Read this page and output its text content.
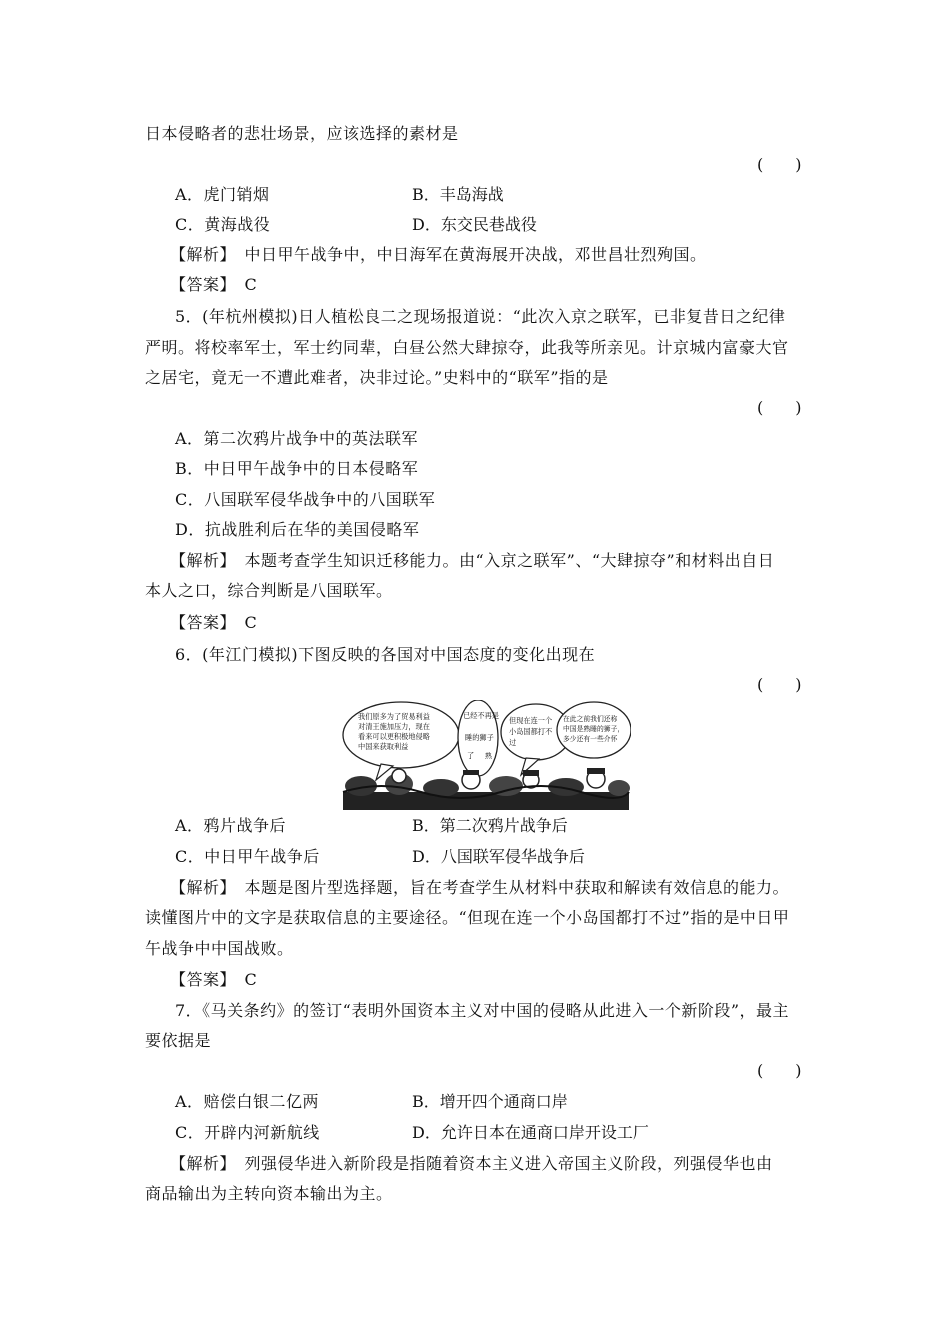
日本侵略者的悲壮场景，应该选择的素材是
(　　)
A．虎门销烟	B．丰岛海战
C．黄海战役	D．东交民巷战役
【解析】　中日甲午战争中，中日海军在黄海展开决战，邓世昌壮烈殉国。
【答案】　C
5．(年杭州模拟)日人植松良二之现场报道说：“此次入京之联军，已非复昔日之纪律
严明。将校率军士，军士约同辈，白昼公然大肆掠夺，此我等所亲见。计京城内富豪大官
之居宅，竟无一不遭此难者，决非过论。”史料中的“联军”指的是
(　　)
A．第二次鸦片战争中的英法联军
B．中日甲午战争中的日本侵略军
C．八国联军侵华战争中的八国联军
D．抗战胜利后在华的美国侵略军
【解析】　本题考查学生知识迁移能力。由“入京之联军”、“大肆掠夺”和材料出自日
本人之口，综合判断是八国联军。
【答案】　C
6．(年江门模拟)下图反映的各国对中国态度的变化出现在
(　　)
我们原多为了贸易利益 对清王施加压力，现在 看来可以更积极地侵略 中国来获取利益
已经不再是 睡的狮子 了	熟
但现在连一个 小岛国都打不 过
在此之前我们还称 中国是熟睡的狮子， 多少还有一些介怀
A．鸦片战争后	B．第二次鸦片战争后
C．中日甲午战争后	D．八国联军侵华战争后
【解析】　本题是图片型选择题，旨在考查学生从材料中获取和解读有效信息的能力。
读懂图片中的文字是获取信息的主要途径。“但现在连一个小岛国都打不过”指的是中日甲
午战争中中国战败。
【答案】　C
7．《马关条约》的签订“表明外国资本主义对中国的侵略从此进入一个新阶段”，最主
要依据是
(　　)
A．赔偿白银二亿两	B．增开四个通商口岸
C．开辟内河新航线	D．允许日本在通商口岸开设工厂
【解析】　列强侵华进入新阶段是指随着资本主义进入帝国主义阶段，列强侵华也由
商品输出为主转向资本输出为主。
